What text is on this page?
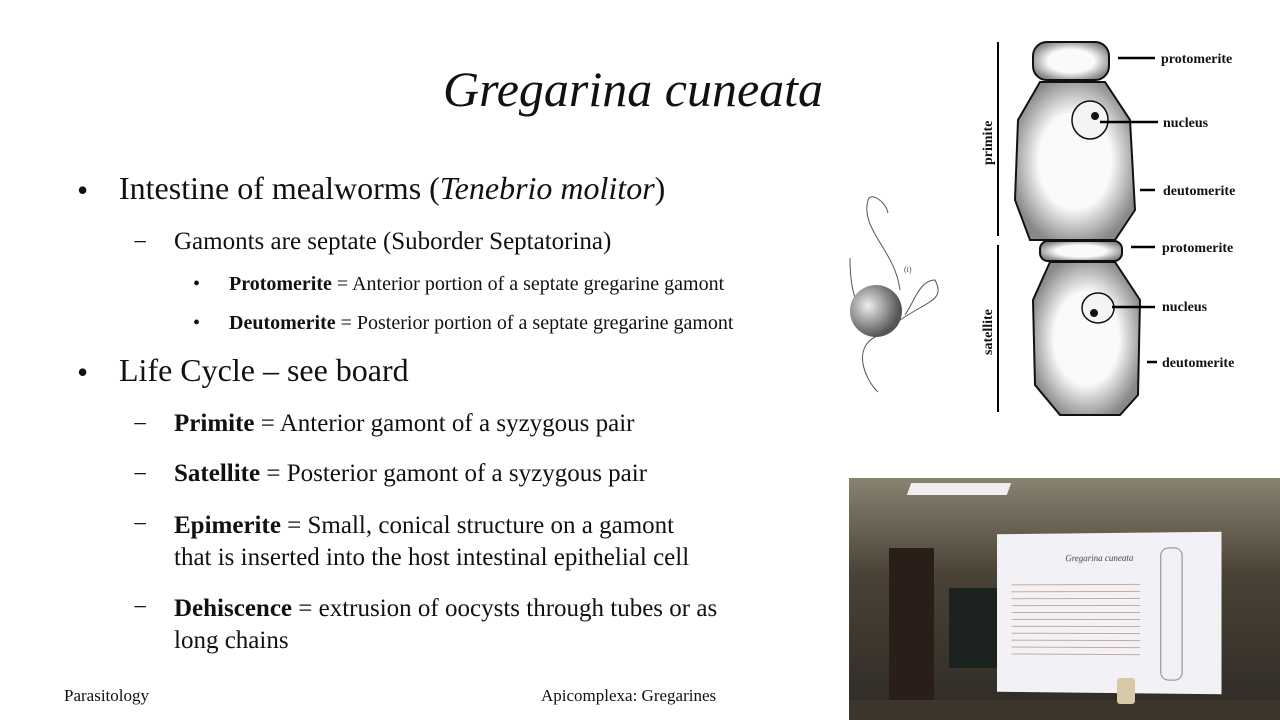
Gregarina cuneata
• Intestine of mealworms (Tenebrio molitor)
− Gamonts are septate (Suborder Septatorina)
• Protomerite = Anterior portion of a septate gregarine gamont
• Deutomerite = Posterior portion of a septate gregarine gamont
• Life Cycle – see board
− Primite = Anterior gamont of a syzygous pair
− Satellite = Posterior gamont of a syzygous pair
− Epimerite = Small, conical structure on a gamont
that is inserted into the host intestinal epithelial cell
− Dehiscence = extrusion of oocysts through tubes or as
long chains
Parasitology	Apicomplexa: Gregarines
protomerite
nucleus
deutomerite
protomerite
nucleus
deutomerite
primite
satellite
(i)
Gregarina cuneata
